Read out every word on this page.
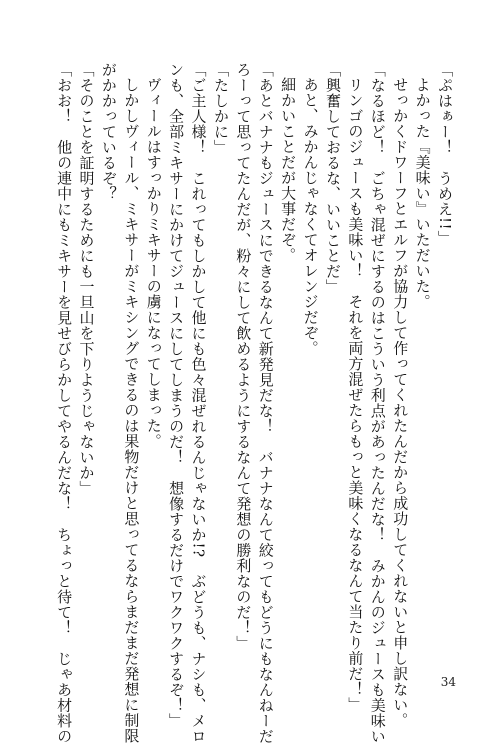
「ぷはぁー！　うめえ!!」
よかった『美味い』いただいた。
せっかくドワーフとエルフが協力して作ってくれたんだから成功してくれないと申し訳ない。
「なるほど！　ごちゃ混ぜにするのはこういう利点があったんだな！　みかんのジュースも美味い
リンゴのジュースも美味い！　それを両方混ぜたらもっと美味くなるなんて当たり前だ！」
「興奮しておるな、いいことだ」
あと、みかんじゃなくてオレンジだぞ。
細かいことだが大事だぞ。
「あとバナナもジュースにできるなんて新発見だな！　バナナなんて絞ってもどうにもなんねーだ
ろーって思ってたんだが、粉々にして飲めるようにするなんて発想の勝利なのだ！」
「たしかに」
「ご主人様！　これってもしかして他にも色々混ぜれるんじゃないか!?　ぶどうも、ナシも、メロ
ンも、全部ミキサーにかけてジュースにしてしまうのだ！　想像するだけでワクワクするぞ！」
ヴィールはすっかりミキサーの虜になってしまった。
しかしヴィール、ミキサーがミキシングできるのは果物だけと思ってるならまだまだ発想に制限
がかかっているぞ？
「そのことを証明するためにも一旦山を下りようじゃないか」
「おお！　他の連中にもミキサーを見せびらかしてやるんだな！　ちょっと待て！　じゃあ材料の	34
